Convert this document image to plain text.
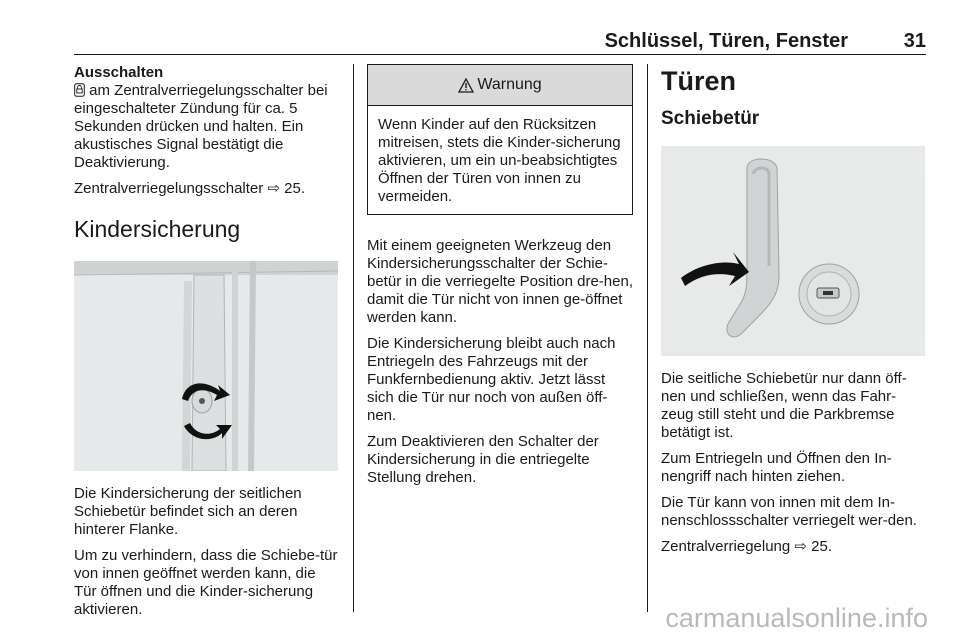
Schlüssel, Türen, Fenster	31
Ausschalten

am Zentralverriegelungsschalter bei eingeschalteter Zündung für ca. 5 Sekunden drücken und halten. Ein akustisches Signal bestätigt die Deaktivierung.

Zentralverriegelungsschalter ⇨ 25.

Kindersicherung

Die Kindersicherung der seitlichen Schiebetür befindet sich an deren hinterer Flanke.

Um zu verhindern, dass die Schiebe-tür von innen geöffnet werden kann, die Tür öffnen und die Kinder-sicherung aktivieren.

Warnung

Wenn Kinder auf den Rücksitzen mitreisen, stets die Kinder-sicherung aktivieren, um ein un-beabsichtigtes Öffnen der Türen von innen zu vermeiden.

Mit einem geeigneten Werkzeug den Kindersicherungsschalter der Schie-betür in die verriegelte Position dre-hen, damit die Tür nicht von innen ge-öffnet werden kann.

Die Kindersicherung bleibt auch nach Entriegeln des Fahrzeugs mit der Funkfernbedienung aktiv. Jetzt lässt sich die Tür nur noch von außen öff-nen.

Zum Deaktivieren den Schalter der Kindersicherung in die entriegelte Stellung drehen.

Türen
Schiebetür

Die seitliche Schiebetür nur dann öff-nen und schließen, wenn das Fahr-zeug still steht und die Parkbremse betätigt ist.

Zum Entriegeln und Öffnen den In-nengriff nach hinten ziehen.

Die Tür kann von innen mit dem In-nenschlossschalter verriegelt wer-den.

Zentralverriegelung ⇨ 25.

carmanualsonline.info
